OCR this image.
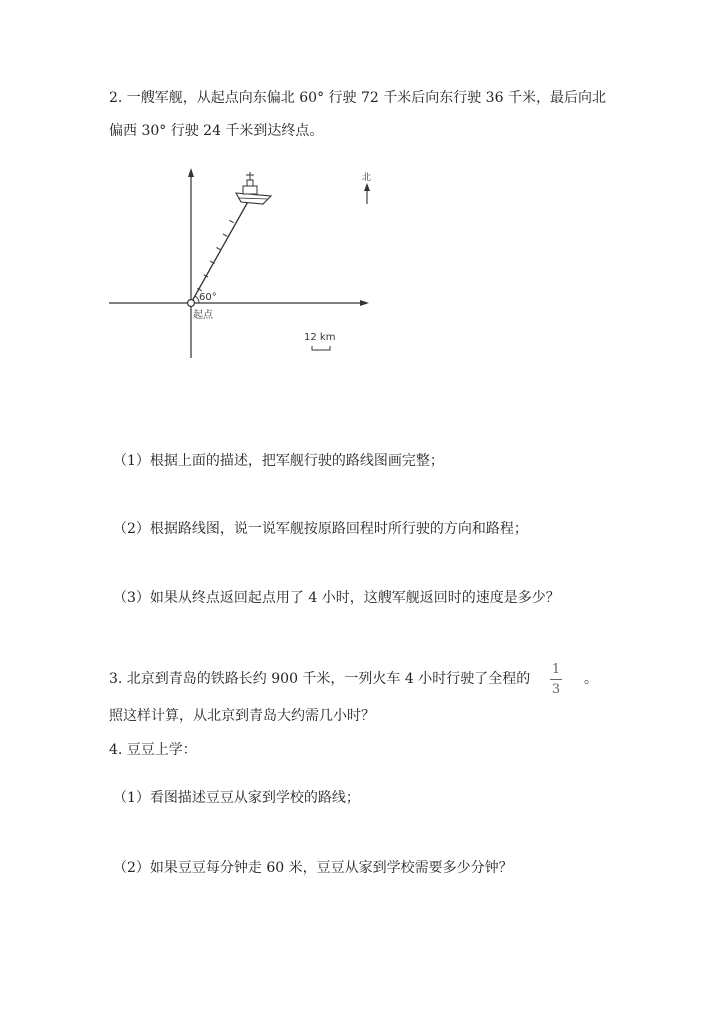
2. 一艘军舰，从起点向东偏北 60° 行驶 72 千米后向东行驶 36 千米，最后向北
偏西 30° 行驶 24 千米到达终点。
60°
起点
北
12 km
（1）根据上面的描述，把军舰行驶的路线图画完整；
（2）根据路线图，说一说军舰按原路回程时所行驶的方向和路程；
（3）如果从终点返回起点用了 4 小时，这艘军舰返回时的速度是多少？
3. 北京到青岛的铁路长约 900 千米，一列火车 4 小时行驶了全程的
1
3
。
照这样计算，从北京到青岛大约需几小时？
4. 豆豆上学：
（1）看图描述豆豆从家到学校的路线；
（2）如果豆豆每分钟走 60 米，豆豆从家到学校需要多少分钟？
